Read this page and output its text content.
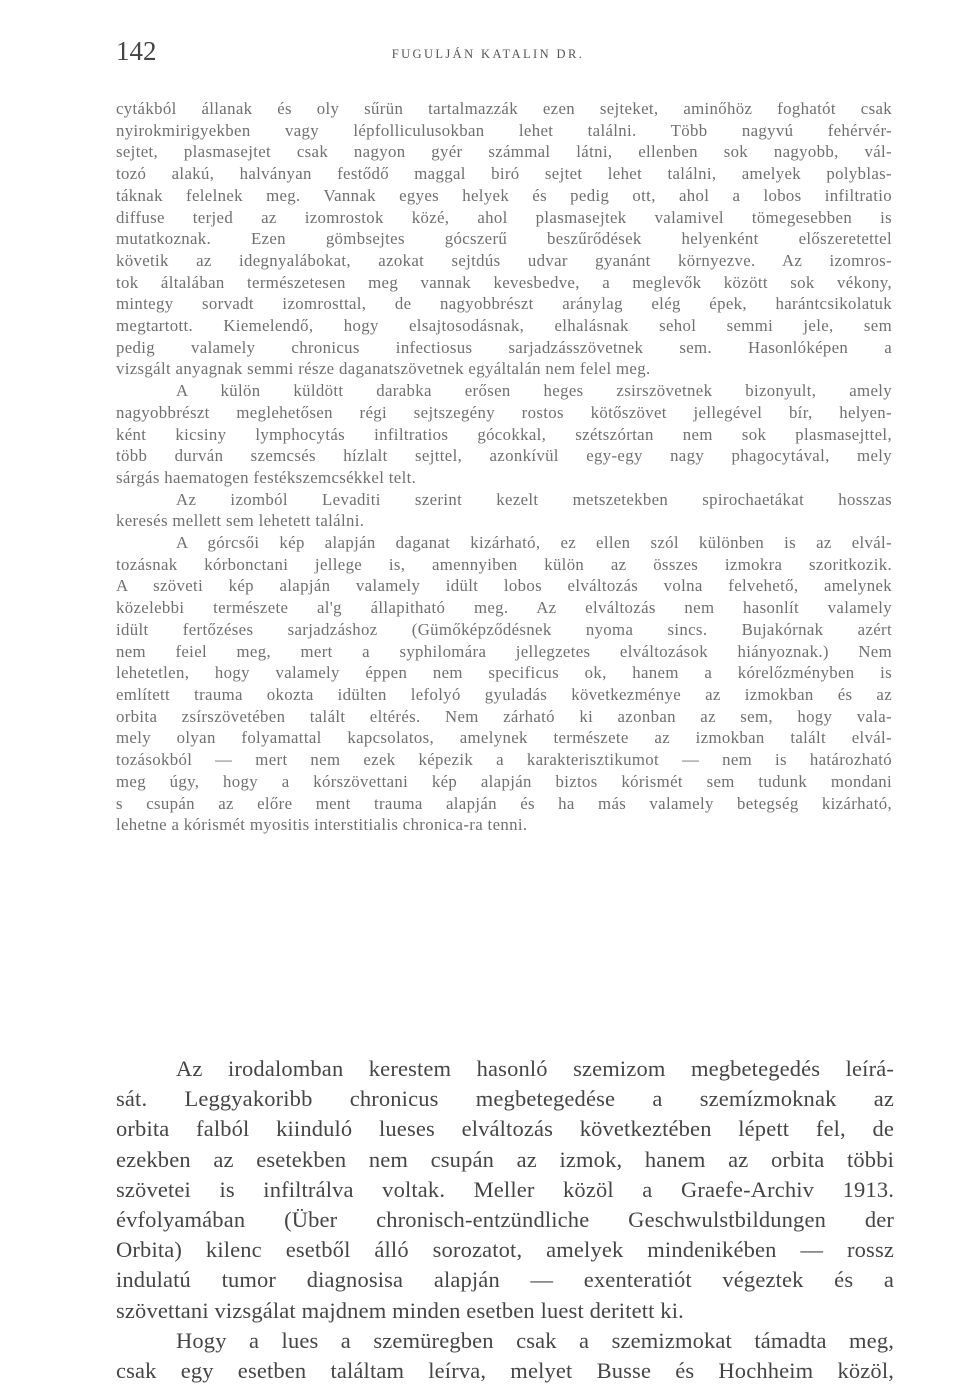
142	FUGULJÁN KATALIN DR.

cytákból állanak és oly sűrün tartalmazzák ezen sejteket, aminőhöz foghatót csak

nyirokmirigyekben vagy lépfolliculusokban lehet találni. Több nagyvú fehérvér-

sejtet, plasmasejtet csak nagyon gyér számmal látni, ellenben sok nagyobb, vál-

tozó alakú, halványan festődő maggal biró sejtet lehet találni, amelyek polyblas-

táknak felelnek meg. Vannak egyes helyek és pedig ott, ahol a lobos infiltratio

diffuse terjed az izomrostok közé, ahol plasmasejtek valamivel tömegesebben is

mutatkoznak. Ezen gömbsejtes gócszerű beszűrődések helyenként előszeretettel

követik az idegnyalábokat, azokat sejtdús udvar gyanánt környezve. Az izomros-

tok általában természetesen meg vannak kevesbedve, a meglevők között sok vékony,

mintegy sorvadt izomrosttal, de nagyobbrészt aránylag elég épek, harántcsikolatuk

megtartott. Kiemelendő, hogy elsajtosodásnak, elhalásnak sehol semmi jele, sem

pedig valamely chronicus infectiosus sarjadzásszövetnek sem. Hasonlóképen a

vizsgált anyagnak semmi része daganatszövetnek egyáltalán nem felel meg.

A külön küldött darabka erősen heges zsirszövetnek bizonyult, amely

nagyobbrészt meglehetősen régi sejtszegény rostos kötőszövet jellegével bír, helyen-

ként kicsiny lymphocytás infiltratios gócokkal, szétszórtan nem sok plasmasejttel,

több durván szemcsés hízlalt sejttel, azonkívül egy-egy nagy phagocytával, mely

sárgás haematogen festékszemcsékkel telt.

Az izomból Levaditi szerint kezelt metszetekben spirochaetákat hosszas

keresés mellett sem lehetett találni.

A górcsői kép alapján daganat kizárható, ez ellen szól különben is az elvál-

tozásnak kórbonctani jellege is, amennyiben külön az összes izmokra szoritkozik.

A szöveti kép alapján valamely idült lobos elváltozás volna felvehető, amelynek

közelebbi természete al'g állapitható meg. Az elváltozás nem hasonlít valamely

idült fertőzéses sarjadzáshoz (Gümőképződésnek nyoma sincs. Bujakórnak azért

nem feiel meg, mert a syphilomára jellegzetes elváltozások hiányoznak.) Nem

lehetetlen, hogy valamely éppen nem specificus ok, hanem a kórelőzményben is

említett trauma okozta idülten lefolyó gyuladás következménye az izmokban és az

orbita zsírszövetében talált eltérés. Nem zárható ki azonban az sem, hogy vala-

mely olyan folyamattal kapcsolatos, amelynek természete az izmokban talált elvál-

tozásokból — mert nem ezek képezik a karakterisztikumot — nem is határozható

meg úgy, hogy a kórszövettani kép alapján biztos kórismét sem tudunk mondani

s csupán az előre ment trauma alapján és ha más valamely betegség kizárható,

lehetne a kórismét myositis interstitialis chronica-ra tenni.

Az irodalomban kerestem hasonló szemizom megbetegedés leírá-

sát. Leggyakoribb chronicus megbetegedése a szemízmoknak az

orbita falból kiinduló lueses elváltozás következtében lépett fel, de

ezekben az esetekben nem csupán az izmok, hanem az orbita többi

szövetei is infiltrálva voltak. Meller közöl a Graefe-Archiv 1913.

évfolyamában (Über chronisch-entzündliche Geschwulstbildungen der

Orbita) kilenc esetből álló sorozatot, amelyek mindenikében — rossz

indulatú tumor diagnosisa alapján — exenteratiót végeztek és a

szövettani vizsgálat majdnem minden esetben luest deritett ki.

Hogy a lues a szemüregben csak a szemizmokat támadta meg,

csak egy esetben találtam leírva, melyet Busse és Hochheim közöl,
